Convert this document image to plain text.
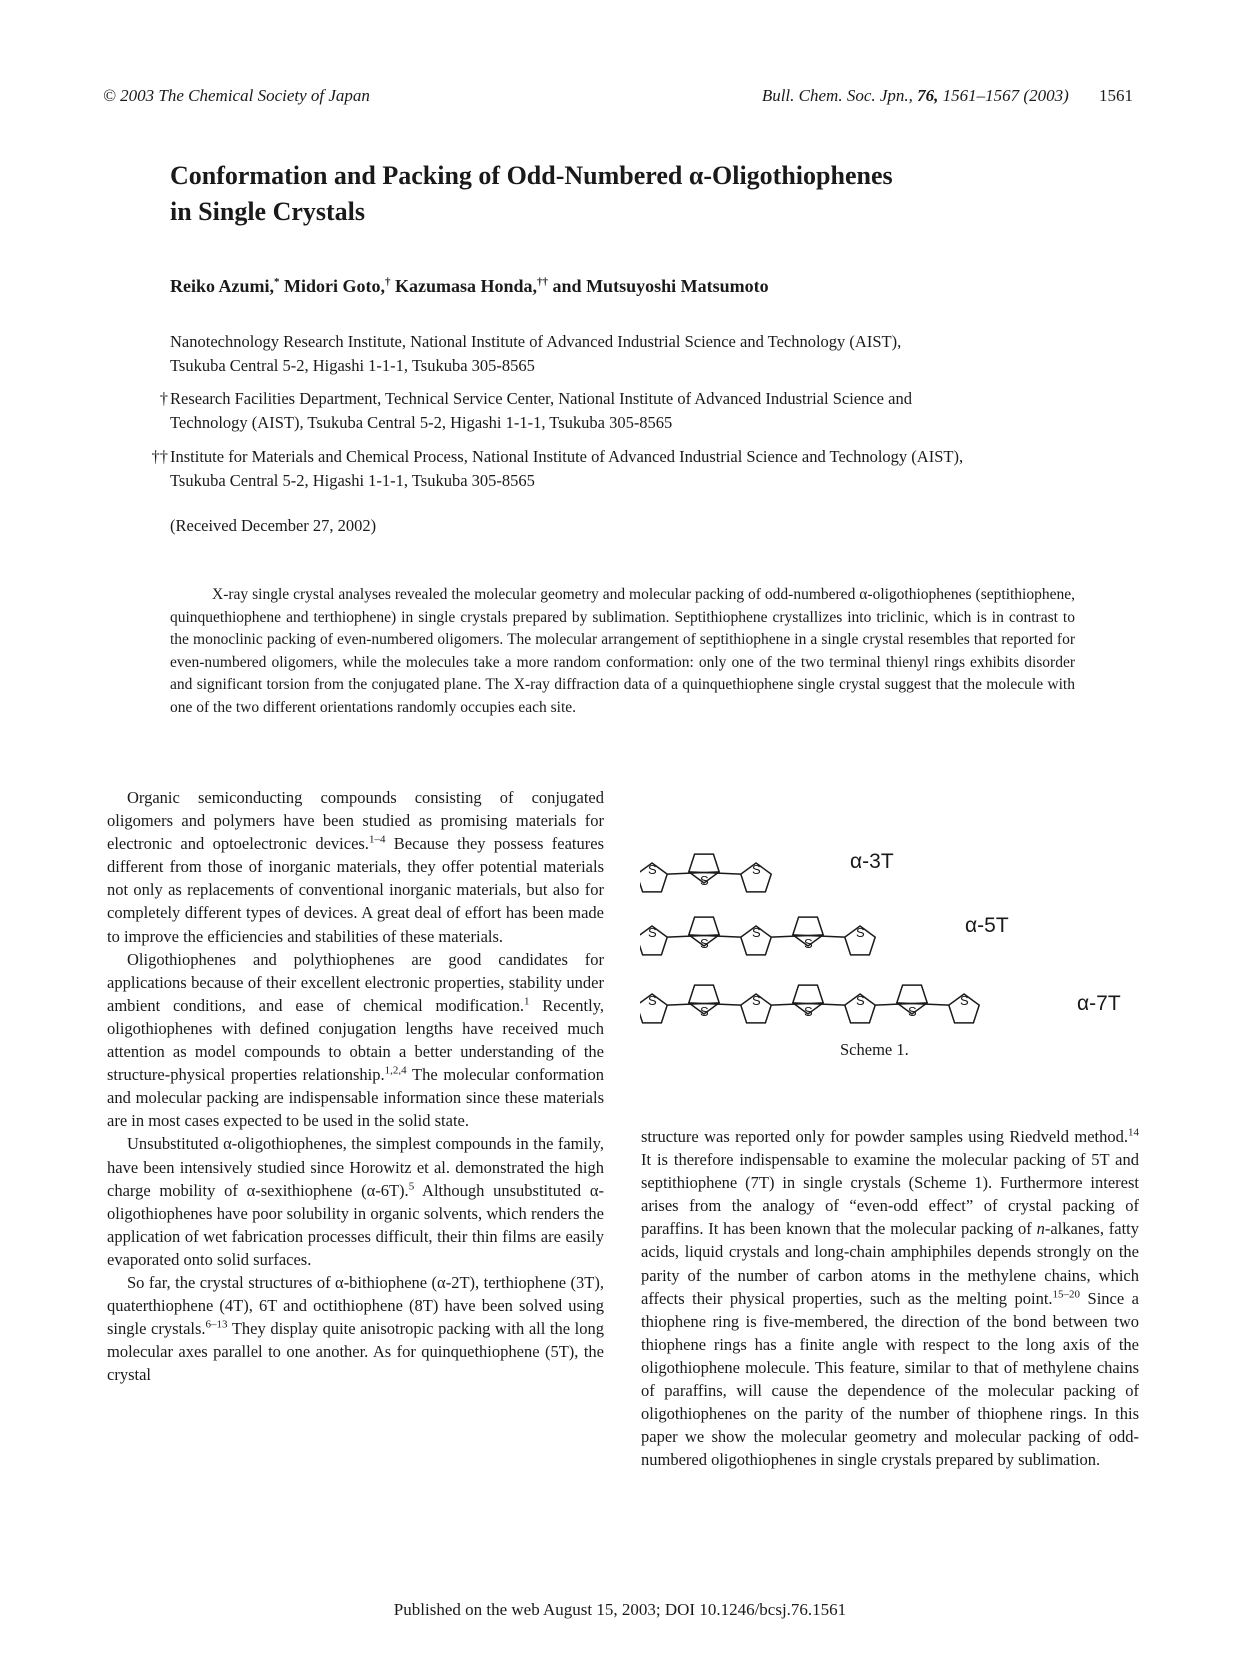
© 2003 The Chemical Society of Japan	Bull. Chem. Soc. Jpn., 76, 1561–1567 (2003) 1561
Conformation and Packing of Odd-Numbered α-Oligothiophenes
in Single Crystals
Reiko Azumi,* Midori Goto,† Kazumasa Honda,†† and Mutsuyoshi Matsumoto
Nanotechnology Research Institute, National Institute of Advanced Industrial Science and Technology (AIST),
Tsukuba Central 5-2, Higashi 1-1-1, Tsukuba 305-8565
† Research Facilities Department, Technical Service Center, National Institute of Advanced Industrial Science and
Technology (AIST), Tsukuba Central 5-2, Higashi 1-1-1, Tsukuba 305-8565
†† Institute for Materials and Chemical Process, National Institute of Advanced Industrial Science and Technology (AIST),
Tsukuba Central 5-2, Higashi 1-1-1, Tsukuba 305-8565
(Received December 27, 2002)
X-ray single crystal analyses revealed the molecular geometry and molecular packing of odd-numbered α-oligothiophenes (septithiophene, quinquethiophene and terthiophene) in single crystals prepared by sublimation. Septithiophene crystallizes into triclinic, which is in contrast to the monoclinic packing of even-numbered oligomers. The molecular arrangement of septithiophene in a single crystal resembles that reported for even-numbered oligomers, while the molecules take a more random conformation: only one of the two terminal thienyl rings exhibits disorder and significant torsion from the conjugated plane. The X-ray diffraction data of a quinquethiophene single crystal suggest that the molecule with one of the two different orientations randomly occupies each site.

Organic semiconducting compounds consisting of conjugated oligomers and polymers have been studied as promising materials for electronic and optoelectronic devices.$^{1-4}$ Because they possess features different from those of inorganic materials, they offer potential materials not only as replacements of conventional inorganic materials, but also for completely different types of devices. A great deal of effort has been made to improve the efficiencies and stabilities of these materials.

Oligothiophenes and polythiophenes are good candidates for applications because of their excellent electronic properties, stability under ambient conditions, and ease of chemical modification.$^1$ Recently, oligothiophenes with defined conjugation lengths have received much attention as model compounds to obtain a better understanding of the structure-physical properties relationship.$^{1,2,4}$ The molecular conformation and molecular packing are indispensable information since these materials are in most cases expected to be used in the solid state.

Unsubstituted α-oligothiophenes, the simplest compounds in the family, have been intensively studied since Horowitz et al. demonstrated the high charge mobility of α-sexithiophene (α-6T).$^5$ Although unsubstituted α-oligothiophenes have poor solubility in organic solvents, which renders the application of wet fabrication processes difficult, their thin films are easily evaporated onto solid surfaces.

So far, the crystal structures of α-bithiophene (α-2T), terthiophene (3T), quaterthiophene (4T), 6T and octithiophene (8T) have been solved using single crystals.$^{6-13}$ They display quite anisotropic packing with all the long molecular axes parallel to one another. As for quinquethiophene (5T), the crystal

structure was reported only for powder samples using Riedveld method.$^{14}$ It is therefore indispensable to examine the molecular packing of 5T and septithiophene (7T) in single crystals (Scheme 1). Furthermore interest arises from the analogy of “even-odd effect” of crystal packing of paraffins. It has been known that the molecular packing of n-alkanes, fatty acids, liquid crystals and long-chain amphiphiles depends strongly on the parity of the number of carbon atoms in the methylene chains, which affects their physical properties, such as the melting point.$^{15-20}$ Since a thiophene ring is five-membered, the direction of the bond between two thiophene rings has a finite angle with respect to the long axis of the oligothiophene molecule. This feature, similar to that of methylene chains of paraffins, will cause the dependence of the molecular packing of oligothiophenes on the parity of the number of thiophene rings. In this paper we show the molecular geometry and molecular packing of odd-numbered oligothiophenes in single crystals prepared by sublimation.

S
S
S
S
S
S
S
S
S
S
S
S
S
S
S
α-3T
α-5T
α-7T
Scheme 1.
Published on the web August 15, 2003; DOI 10.1246/bcsj.76.1561
